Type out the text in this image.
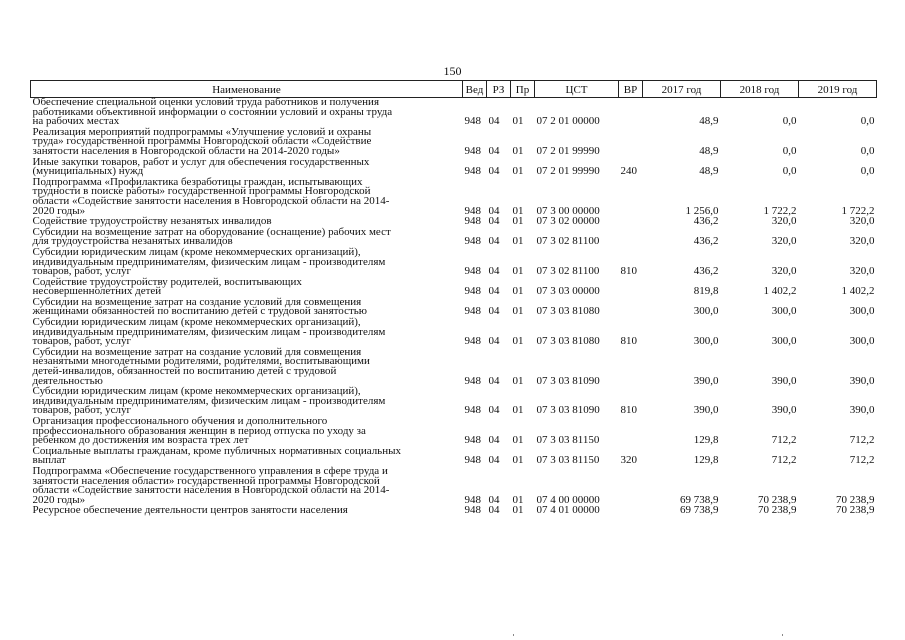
150
Наименование	Вед	РЗ	Пр	ЦСТ	ВР	2017 год	2018 год	2019 год

Обеспечение специальной оценки условий труда работников и получения
работниками объективной информации о состоянии условий и охраны труда
на рабочих местах	948	04	01	07 2 01 00000		48,9	0,0	0,0

Реализация мероприятий подпрограммы «Улучшение условий и охраны
труда» государственной программы Новгородской области «Содействие
занятости населения в Новгородской области на 2014-2020 годы»	948	04	01	07 2 01 99990		48,9	0,0	0,0

Иные закупки товаров, работ и услуг для обеспечения государственных
(муниципальных) нужд	948	04	01	07 2 01 99990	240	48,9	0,0	0,0

Подпрограмма «Профилактика безработицы граждан, испытывающих
трудности в поиске работы» государственной программы Новгородской
области «Содействие занятости населения в Новгородской области на 2014-
2020 годы»	948	04	01	07 3 00 00000		1 256,0	1 722,2	1 722,2

Содействие трудоустройству незанятых инвалидов	948	04	01	07 3 02 00000		436,2	320,0	320,0

Субсидии на возмещение затрат на оборудование (оснащение) рабочих мест
для трудоустройства незанятых инвалидов	948	04	01	07 3 02 81100		436,2	320,0	320,0

Субсидии юридическим лицам (кроме некоммерческих организаций),
индивидуальным предпринимателям, физическим лицам - производителям
товаров, работ, услуг	948	04	01	07 3 02 81100	810	436,2	320,0	320,0

Содействие трудоустройству родителей, воспитывающих
несовершеннолетних детей	948	04	01	07 3 03 00000		819,8	1 402,2	1 402,2

Субсидии на возмещение затрат на создание условий для совмещения
женщинами обязанностей по воспитанию детей с трудовой занятостью	948	04	01	07 3 03 81080		300,0	300,0	300,0

Субсидии юридическим лицам (кроме некоммерческих организаций),
индивидуальным предпринимателям, физическим лицам - производителям
товаров, работ, услуг	948	04	01	07 3 03 81080	810	300,0	300,0	300,0

Субсидии на возмещение затрат на создание условий для совмещения
незанятыми многодетными родителями, родителями, воспитывающими
детей-инвалидов, обязанностей по воспитанию детей с трудовой
деятельностью	948	04	01	07 3 03 81090		390,0	390,0	390,0

Субсидии юридическим лицам (кроме некоммерческих организаций),
индивидуальным предпринимателям, физическим лицам - производителям
товаров, работ, услуг	948	04	01	07 3 03 81090	810	390,0	390,0	390,0

Организация профессионального обучения и дополнительного
профессионального образования женщин в период отпуска по уходу за
ребенком до достижения им возраста трех лет	948	04	01	07 3 03 81150		129,8	712,2	712,2

Социальные выплаты гражданам, кроме публичных нормативных социальных
выплат	948	04	01	07 3 03 81150	320	129,8	712,2	712,2

Подпрограмма «Обеспечение государственного управления в сфере труда и
занятости населения области» государственной программы Новгородской
области «Содействие занятости населения в Новгородской области на 2014-
2020 годы»	948	04	01	07 4 00 00000		69 738,9	70 238,9	70 238,9

Ресурсное обеспечение деятельности центров занятости населения	948	04	01	07 4 01 00000		69 738,9	70 238,9	70 238,9
